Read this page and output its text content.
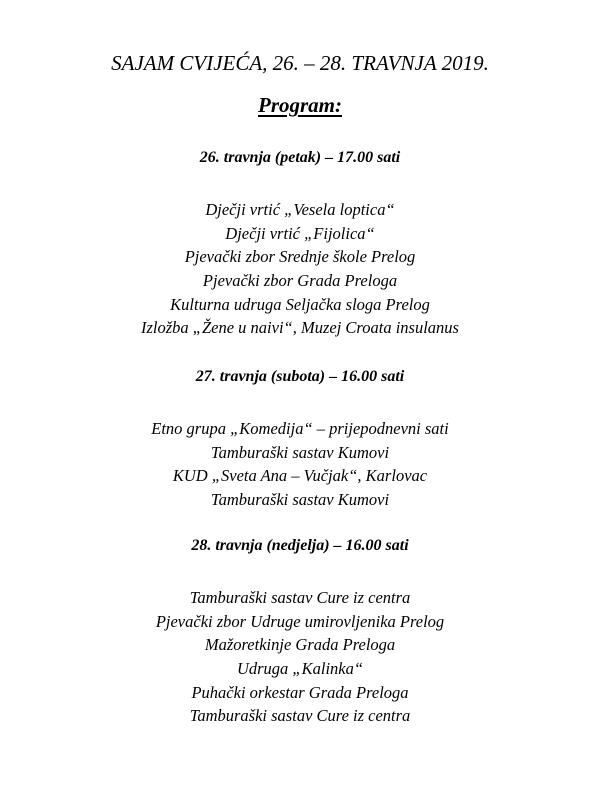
SAJAM CVIJEĆA, 26. – 28. TRAVNJA 2019.
Program:
26. travnja (petak) – 17.00 sati
Dječji vrtić „Vesela loptica“
Dječji vrtić „Fijolica“
Pjevački zbor Srednje škole Prelog
Pjevački zbor Grada Preloga
Kulturna udruga Seljačka sloga Prelog
Izložba „Žene u naivi“, Muzej Croata insulanus
27. travnja (subota) – 16.00 sati
Etno grupa „Komedija“ – prijepodnevni sati
Tamburaški sastav Kumovi
KUD „Sveta Ana – Vučjak“, Karlovac
Tamburaški sastav Kumovi
28. travnja (nedjelja) – 16.00 sati
Tamburaški sastav Cure iz centra
Pjevački zbor Udruge umirovljenika Prelog
Mažoretkinje Grada Preloga
Udruga „Kalinka“
Puhački orkestar Grada Preloga
Tamburaški sastav Cure iz centra
